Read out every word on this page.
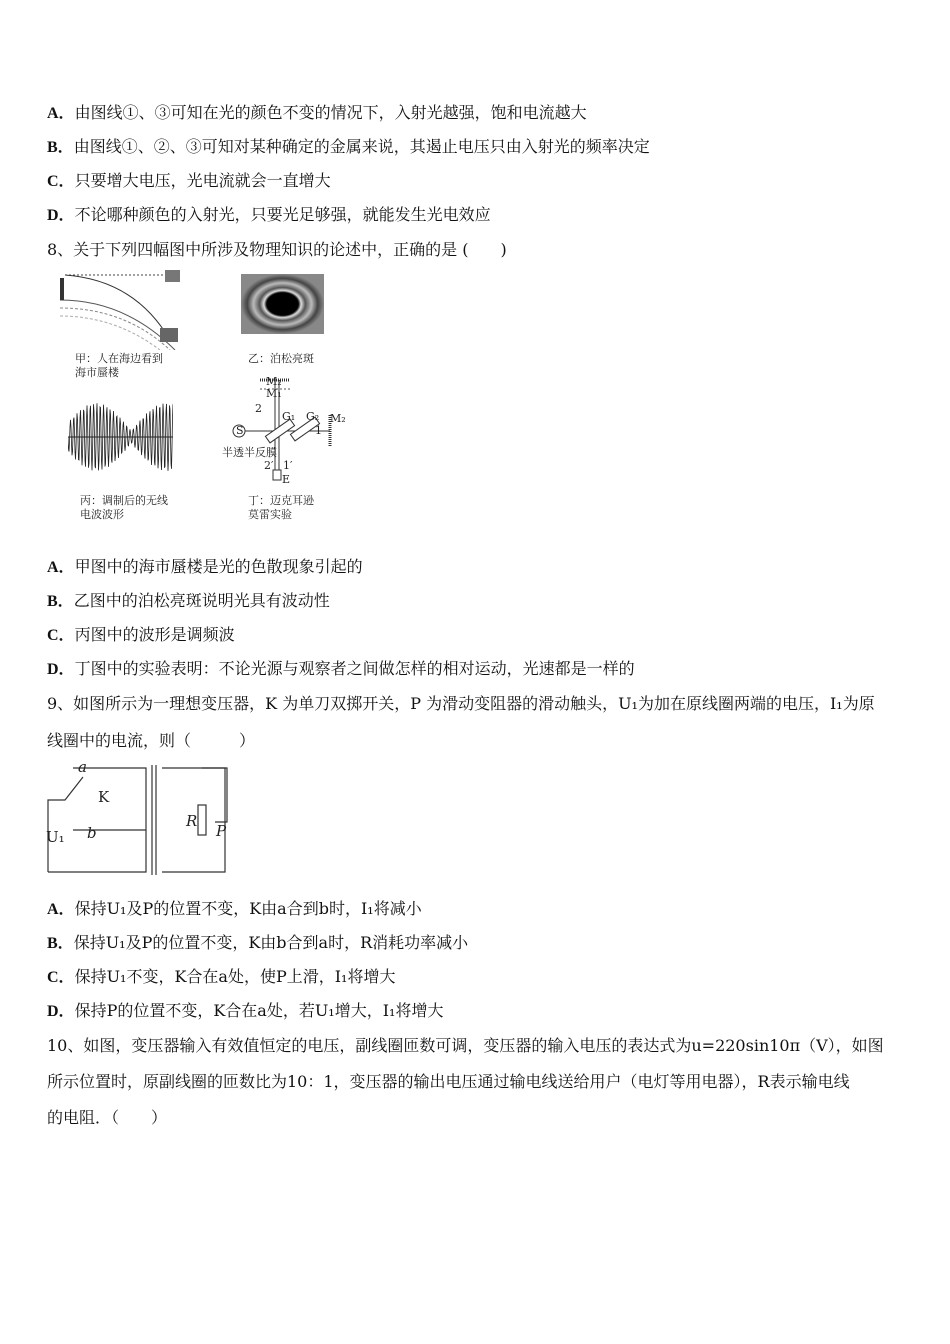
A．由图线①、③可知在光的颜色不变的情况下，入射光越强，饱和电流越大
B．由图线①、②、③可知对某种确定的金属来说，其遏止电压只由入射光的频率决定
C．只要增大电压，光电流就会一直增大
D．不论哪种颜色的入射光，只要光足够强，就能发生光电效应
8、关于下列四幅图中所涉及物理知识的论述中，正确的是 (　　)
甲：人在海边看到
海市蜃楼
乙：泊松亮斑
丙：调制后的无线
电波波形
M₂
M₁
2
G₁ G₂ M₂
S	1
半透半反膜
2′ 1′
E
丁：迈克耳逊
莫雷实验
A．甲图中的海市蜃楼是光的色散现象引起的
B．乙图中的泊松亮斑说明光具有波动性
C．丙图中的波形是调频波
D．丁图中的实验表明：不论光源与观察者之间做怎样的相对运动，光速都是一样的
9、如图所示为一理想变压器，K 为单刀双掷开关，P 为滑动变阻器的滑动触头，U₁为加在原线圈两端的电压，I₁为原
线圈中的电流，则（　　　）
a
K
b
U₁
R
P
A．保持U₁及P的位置不变，K由a合到b时，I₁将减小
B．保持U₁及P的位置不变，K由b合到a时，R消耗功率减小
C．保持U₁不变，K合在a处，使P上滑，I₁将增大
D．保持P的位置不变，K合在a处，若U₁增大，I₁将增大
10、如图，变压器输入有效值恒定的电压，副线圈匝数可调，变压器的输入电压的表达式为u=220sin10π（V），如图
所示位置时，原副线圈的匝数比为10：1，变压器的输出电压通过输电线送给用户（电灯等用电器），R表示输电线
的电阻．（　　）
